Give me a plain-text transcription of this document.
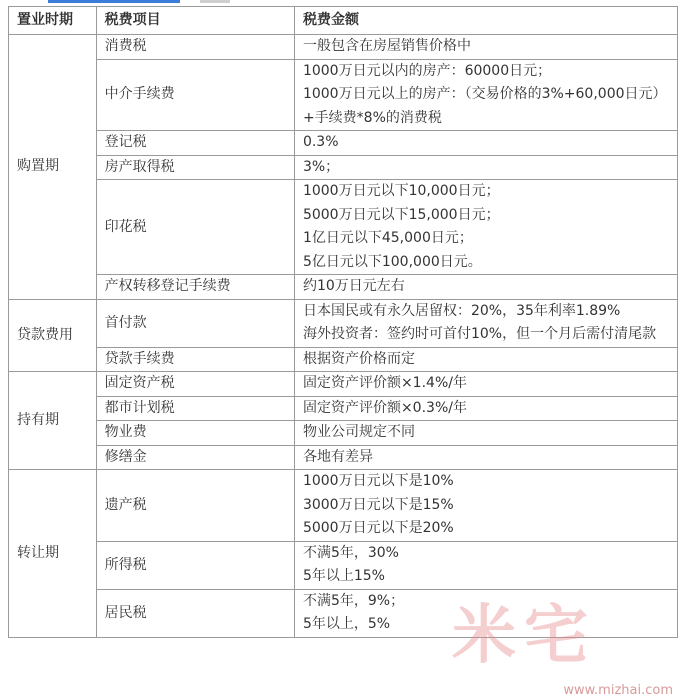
置业时期	税费项目	税费金额
购置期	消费税	一般包含在房屋销售价格中

	中介手续费	1000万日元以内的房产：60000日元；
1000万日元以上的房产：（交易价格的3%+60,000日元）+手续费*8%的消费税

	登记税	0.3%

	房产取得税	3%；

	印花税	1000万日元以下10,000日元；
5000万日元以下15,000日元；
1亿日元以下45,000日元；
5亿日元以下100,000日元。

	产权转移登记手续费	约10万日元左右

贷款费用	首付款	日本国民或有永久居留权：20%，35年利率1.89%
海外投资者：签约时可首付10%，但一个月后需付清尾款

	贷款手续费	根据资产价格而定

持有期	固定资产税	固定资产评价额×1.4%/年

	都市计划税	固定资产评价额×0.3%/年

	物业费	物业公司规定不同

	修缮金	各地有差异

转让期	遗产税	1000万日元以下是10%
3000万日元以下是15%
5000万日元以下是20%

	所得税	不满5年，30%
5年以上15%

	居民税	不满5年，9%；
5年以上，5% 米宅
www.mizhai.com
